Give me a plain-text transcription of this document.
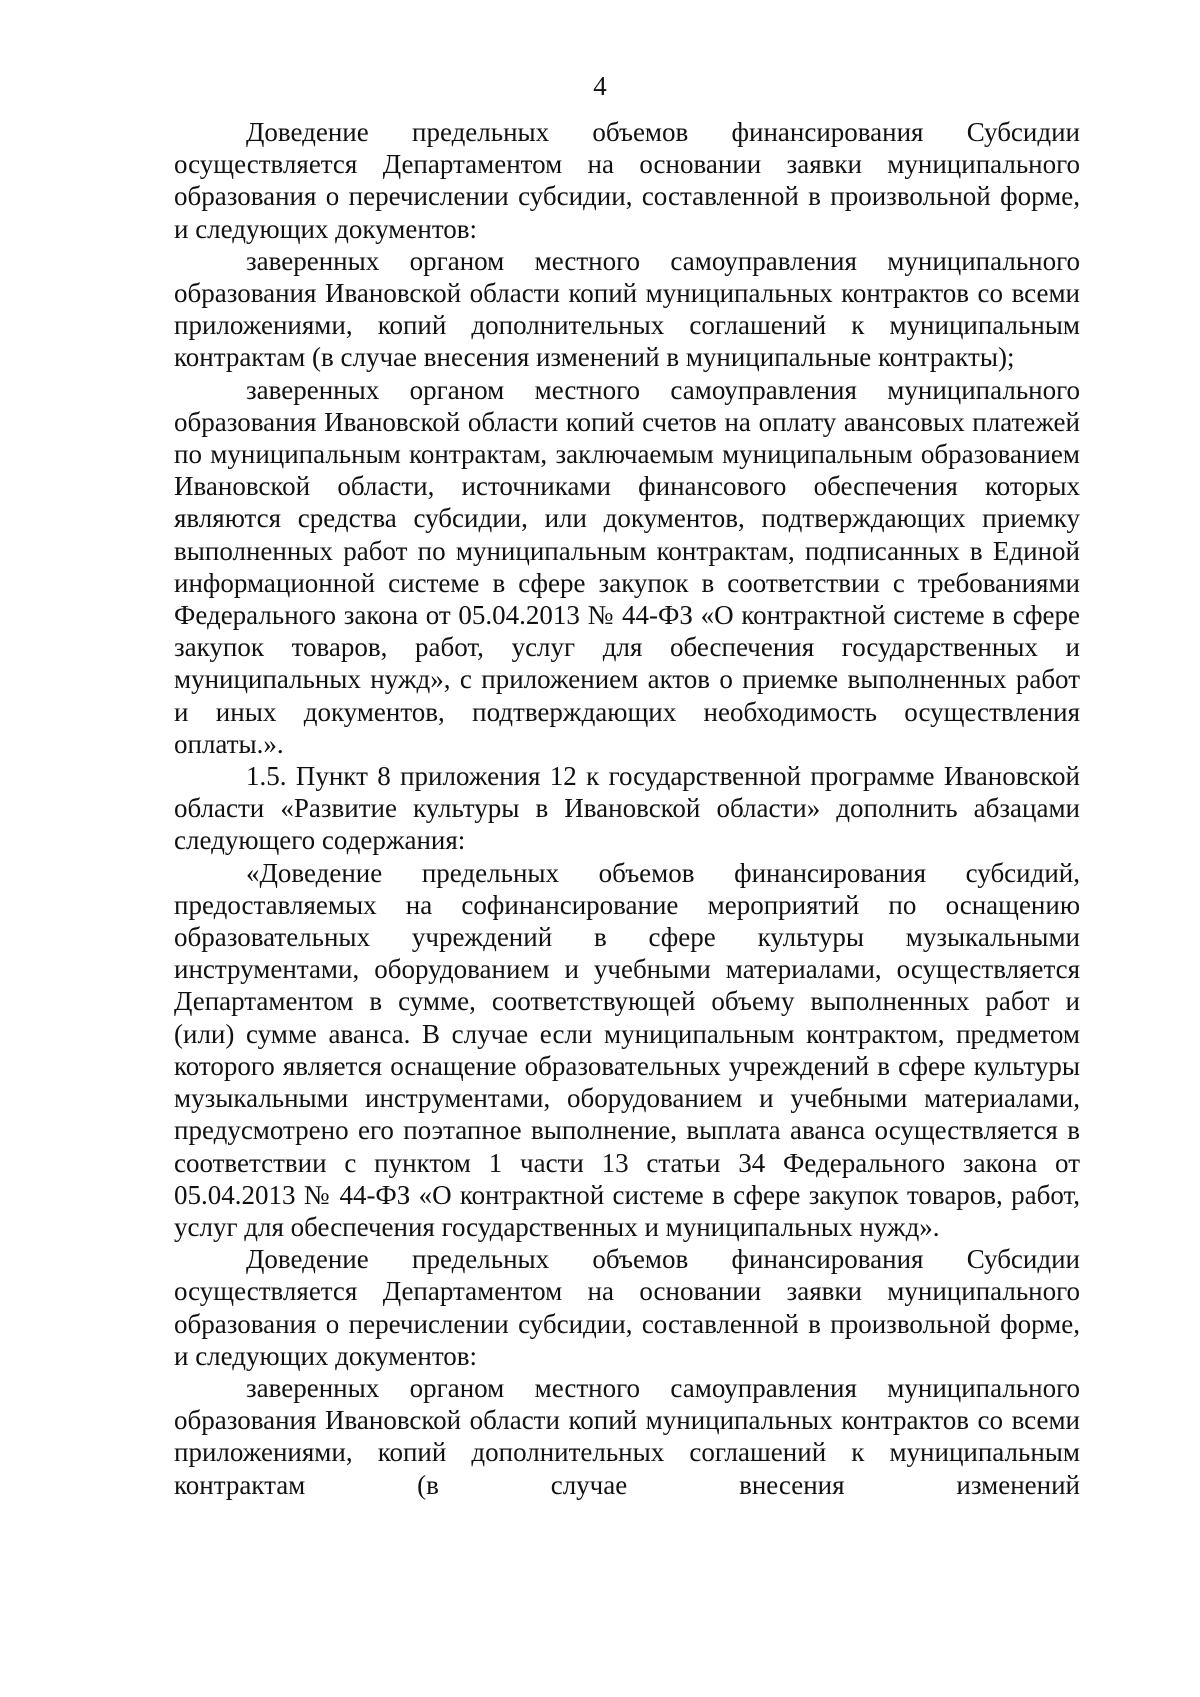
4

Доведение предельных объемов финансирования Субсидии осуществляется Департаментом на основании заявки муниципального образования о перечислении субсидии, составленной в произвольной форме, и следующих документов:

заверенных органом местного самоуправления муниципального образования Ивановской области копий муниципальных контрактов со всеми приложениями, копий дополнительных соглашений к муниципальным контрактам (в случае внесения изменений в муниципальные контракты);

заверенных органом местного самоуправления муниципального образования Ивановской области копий счетов на оплату авансовых платежей по муниципальным контрактам, заключаемым муниципальным образованием Ивановской области, источниками финансового обеспечения которых являются средства субсидии, или документов, подтверждающих приемку выполненных работ по муниципальным контрактам, подписанных в Единой информационной системе в сфере закупок в соответствии с требованиями Федерального закона от 05.04.2013 № 44-ФЗ «О контрактной системе в сфере закупок товаров, работ, услуг для обеспечения государственных и муниципальных нужд», с приложением актов о приемке выполненных работ и иных документов, подтверждающих необходимость осуществления оплаты.».

1.5. Пункт 8 приложения 12 к государственной программе Ивановской области «Развитие культуры в Ивановской области» дополнить абзацами следующего содержания:

«Доведение предельных объемов финансирования субсидий, предоставляемых на софинансирование мероприятий по оснащению образовательных учреждений в сфере культуры музыкальными инструментами, оборудованием и учебными материалами, осуществляется Департаментом в сумме, соответствующей объему выполненных работ и (или) сумме аванса. В случае если муниципальным контрактом, предметом которого является оснащение образовательных учреждений в сфере культуры музыкальными инструментами, оборудованием и учебными материалами, предусмотрено его поэтапное выполнение, выплата аванса осуществляется в соответствии с пунктом 1 части 13 статьи 34 Федерального закона от 05.04.2013 № 44-ФЗ «О контрактной системе в сфере закупок товаров, работ, услуг для обеспечения государственных и муниципальных нужд».

Доведение предельных объемов финансирования Субсидии осуществляется Департаментом на основании заявки муниципального образования о перечислении субсидии, составленной в произвольной форме, и следующих документов:

заверенных органом местного самоуправления муниципального образования Ивановской области копий муниципальных контрактов со всеми приложениями, копий дополнительных соглашений к муниципальным контрактам (в случае внесения изменений
